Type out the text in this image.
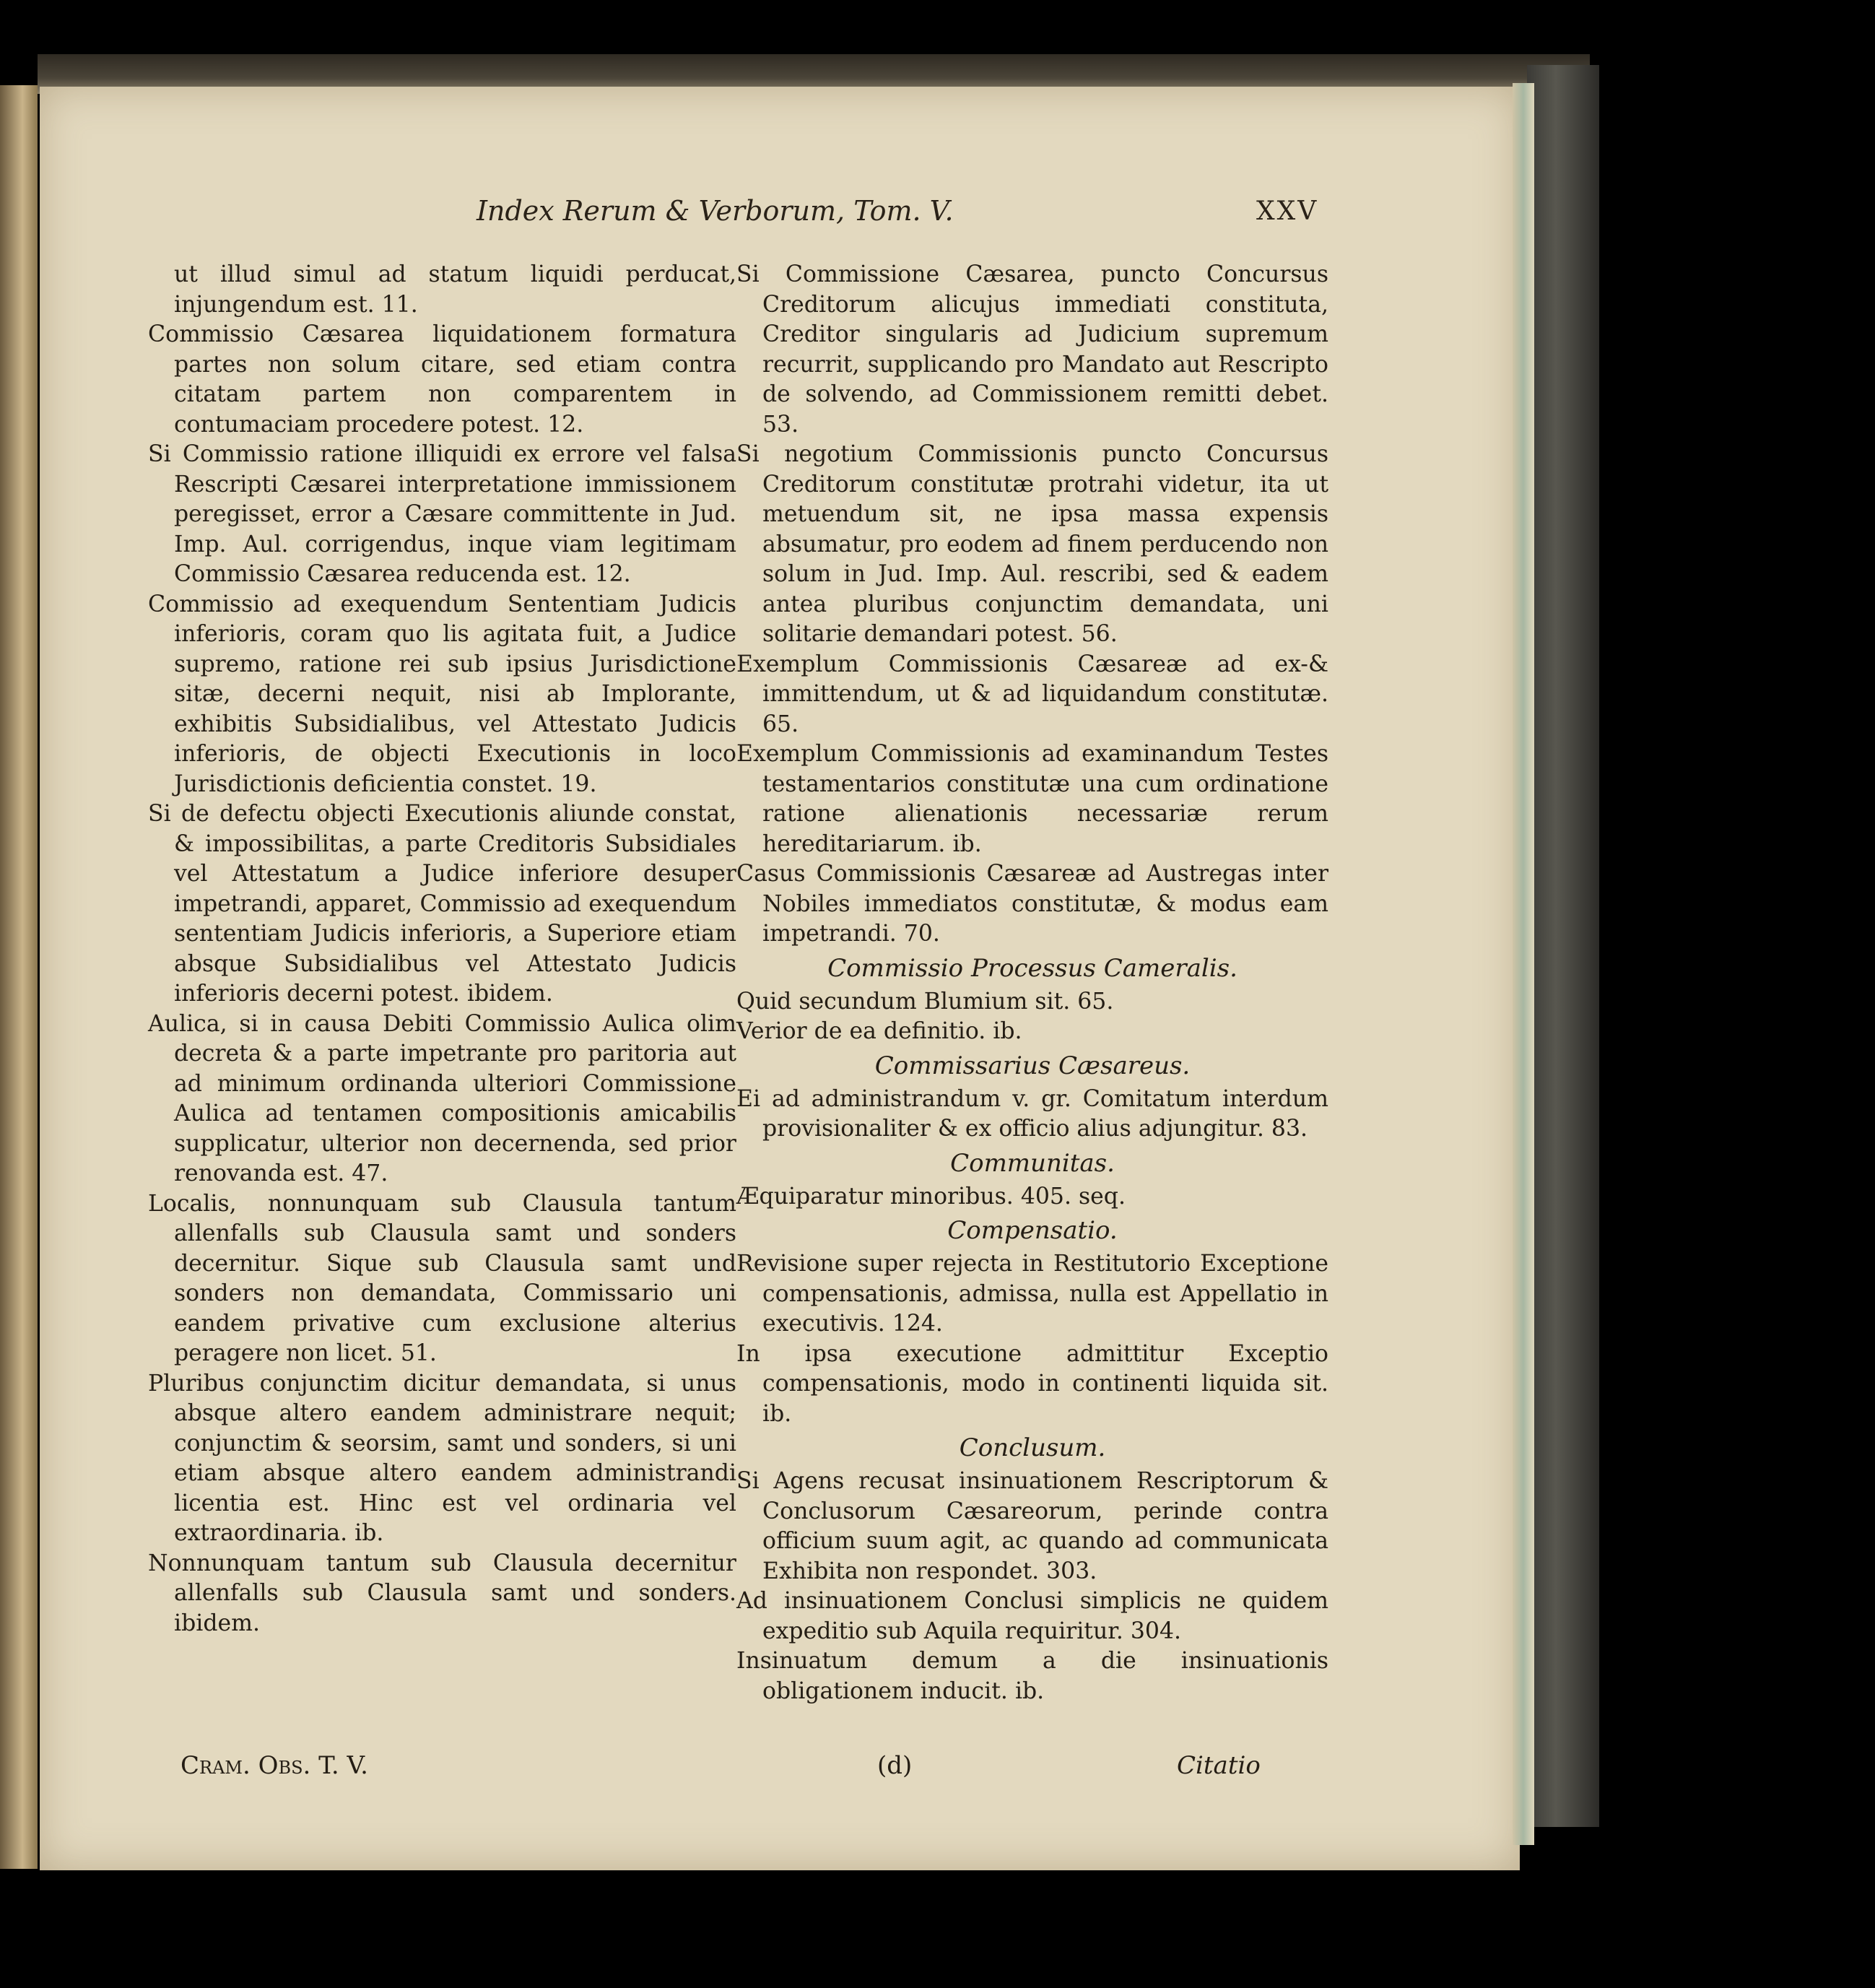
Index Rerum & Verborum, Tom. V.	XXV

ut illud simul ad statum liquidi perducat, injungendum est. 11.

Commissio Cæsarea liquidationem formatura partes non solum citare, sed etiam contra citatam partem non comparentem in contumaciam procedere potest. 12.

Si Commissio ratione illiquidi ex errore vel falsa Rescripti Cæsarei interpretatione immissionem peregisset, error a Cæsare committente in Jud. Imp. Aul. corrigendus, inque viam legitimam Commissio Cæsarea reducenda est. 12.

Commissio ad exequendum Sententiam Judicis inferioris, coram quo lis agitata fuit, a Judice supremo, ratione rei sub ipsius Jurisdictione sitæ, decerni nequit, nisi ab Implorante, exhibitis Subsidialibus, vel Attestato Judicis inferioris, de objecti Executionis in loco Jurisdictionis deficientia constet. 19.

Si de defectu objecti Executionis aliunde constat, & impossibilitas, a parte Creditoris Subsidiales vel Attestatum a Judice inferiore desuper impetrandi, apparet, Commissio ad exequendum sententiam Judicis inferioris, a Superiore etiam absque Subsidialibus vel Attestato Judicis inferioris decerni potest. ibidem.

Aulica, si in causa Debiti Commissio Aulica olim decreta & a parte impetrante pro paritoria aut ad minimum ordinanda ulteriori Commissione Aulica ad tentamen compositionis amicabilis supplicatur, ulterior non decernenda, sed prior renovanda est. 47.

Localis, nonnunquam sub Clausula tantum allenfalls sub Clausula samt und sonders decernitur. Sique sub Clausula samt und sonders non demandata, Commissario uni eandem privative cum exclusione alterius peragere non licet. 51.

Pluribus conjunctim dicitur demandata, si unus absque altero eandem administrare nequit; conjunctim & seorsim, samt und sonders, si uni etiam absque altero eandem administrandi licentia est. Hinc est vel ordinaria vel extraordinaria. ib.

Nonnunquam tantum sub Clausula decernitur allenfalls sub Clausula samt und sonders. ibidem.

Si Commissione Cæsarea, puncto Concursus Creditorum alicujus immediati constituta, Creditor singularis ad Judicium supremum recurrit, supplicando pro Mandato aut Rescripto de solvendo, ad Commissionem remitti debet. 53.

Si negotium Commissionis puncto Concursus Creditorum constitutæ protrahi videtur, ita ut metuendum sit, ne ipsa massa expensis absumatur, pro eodem ad finem perducendo non solum in Jud. Imp. Aul. rescribi, sed & eadem antea pluribus conjunctim demandata, uni solitarie demandari potest. 56.

Exemplum Commissionis Cæsareæ ad ex-& immittendum, ut & ad liquidandum constitutæ. 65.

Exemplum Commissionis ad examinandum Testes testamentarios constitutæ una cum ordinatione ratione alienationis necessariæ rerum hereditariarum. ib.

Casus Commissionis Cæsareæ ad Austregas inter Nobiles immediatos constitutæ, & modus eam impetrandi. 70.

Commissio Processus Cameralis.

Quid secundum Blumium sit. 65.

Verior de ea definitio. ib.

Commissarius Cæsareus.

Ei ad administrandum v. gr. Comitatum interdum provisionaliter & ex officio alius adjungitur. 83.

Communitas.

Æquiparatur minoribus. 405. seq.

Compensatio.

Revisione super rejecta in Restitutorio Exceptione compensationis, admissa, nulla est Appellatio in executivis. 124.

In ipsa executione admittitur Exceptio compensationis, modo in continenti liquida sit. ib.

Conclusum.

Si Agens recusat insinuationem Rescriptorum & Conclusorum Cæsareorum, perinde contra officium suum agit, ac quando ad communicata Exhibita non respondet. 303.

Ad insinuationem Conclusi simplicis ne quidem expeditio sub Aquila requiritur. 304.

Insinuatum demum a die insinuationis obligationem inducit. ib.

Cram. Obs. T. V.	(d)	Citatio
